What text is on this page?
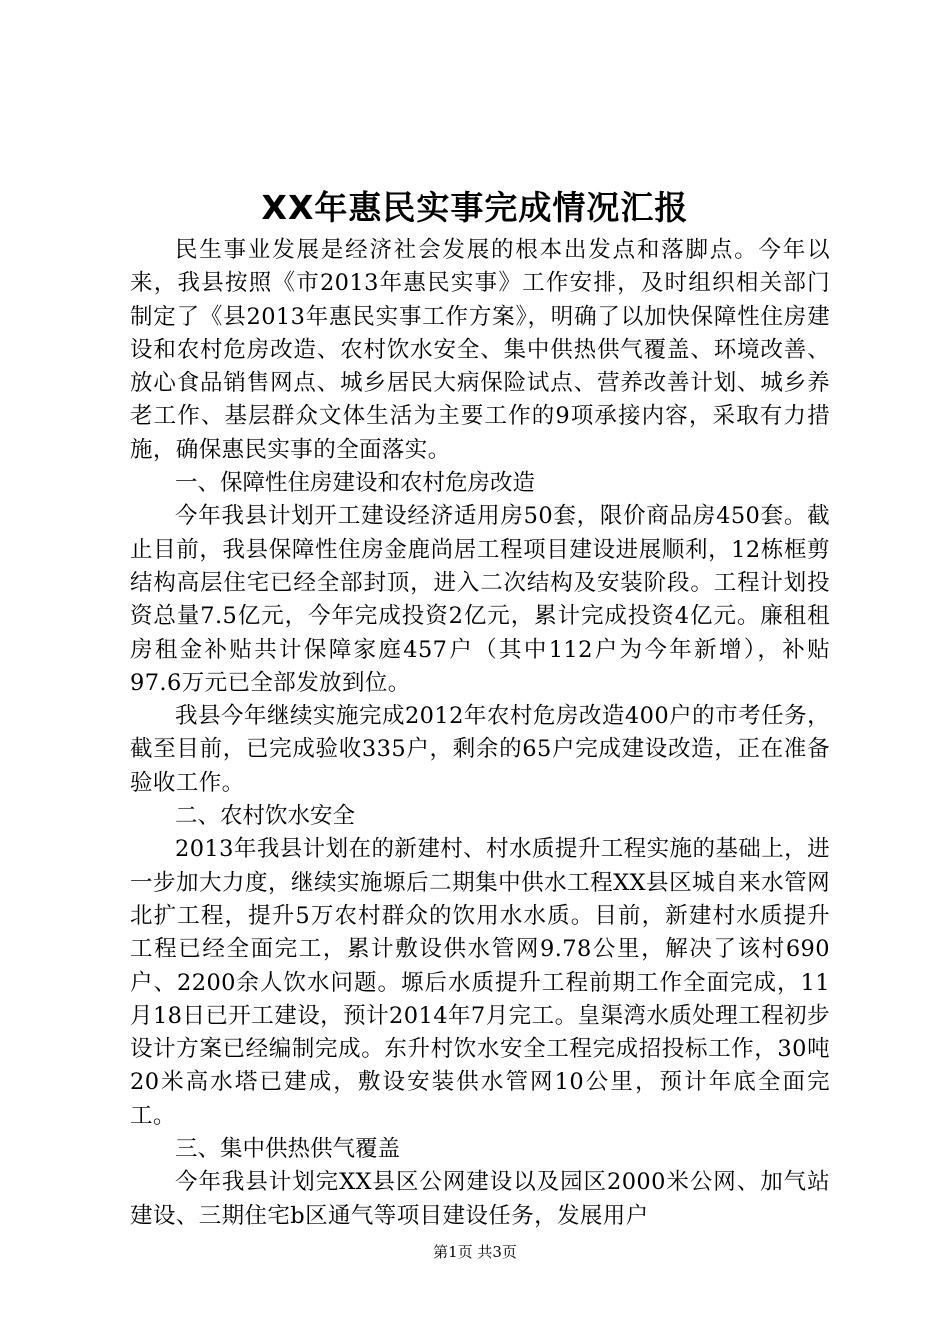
XX年惠民实事完成情况汇报

民生事业发展是经济社会发展的根本出发点和落脚点。今年以来，我县按照《市2013年惠民实事》工作安排，及时组织相关部门制定了《县2013年惠民实事工作方案》，明确了以加快保障性住房建设和农村危房改造、农村饮水安全、集中供热供气覆盖、环境改善、放心食品销售网点、城乡居民大病保险试点、营养改善计划、城乡养老工作、基层群众文体生活为主要工作的9项承接内容，采取有力措施，确保惠民实事的全面落实。

一、保障性住房建设和农村危房改造

今年我县计划开工建设经济适用房50套，限价商品房450套。截止目前，我县保障性住房金鹿尚居工程项目建设进展顺利，12栋框剪结构高层住宅已经全部封顶，进入二次结构及安装阶段。工程计划投资总量7.5亿元，今年完成投资2亿元，累计完成投资4亿元。廉租租房租金补贴共计保障家庭457户（其中112户为今年新增），补贴97.6万元已全部发放到位。

我县今年继续实施完成2012年农村危房改造400户的市考任务，截至目前，已完成验收335户，剩余的65户完成建设改造，正在准备验收工作。

二、农村饮水安全

2013年我县计划在的新建村、村水质提升工程实施的基础上，进一步加大力度，继续实施塬后二期集中供水工程XX县区城自来水管网北扩工程，提升5万农村群众的饮用水水质。目前，新建村水质提升工程已经全面完工，累计敷设供水管网9.78公里，解决了该村690户、2200余人饮水问题。塬后水质提升工程前期工作全面完成，11月18日已开工建设，预计2014年7月完工。皇渠湾水质处理工程初步设计方案已经编制完成。东升村饮水安全工程完成招投标工作，30吨20米高水塔已建成，敷设安装供水管网10公里，预计年底全面完工。

三、集中供热供气覆盖

今年我县计划完XX县区公网建设以及园区2000米公网、加气站建设、三期住宅b区通气等项目建设任务，发展用户

第1页 共3页
